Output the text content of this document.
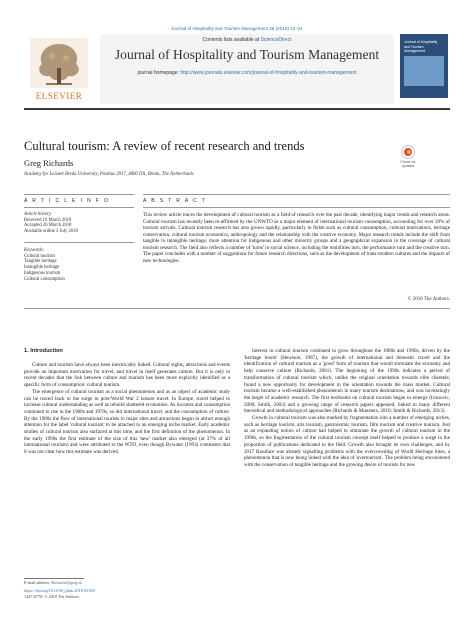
Journal of Hospitality and Tourism Management 36 (2018) 12–21
ELSEVIER
Contents lists available at ScienceDirect
Journal of Hospitality and Tourism Management
journal homepage: http://www.journals.elsevier.com/journal-of-hospitality-and-tourism-management
Journal of Hospitality and Tourism Management
Cultural tourism: A review of recent research and trends
Greg Richards
Academy for Leisure Breda University, Postbus 3917, 4800 DX, Breda, The Netherlands
Check for updates
A R T I C L E I N F O	A B S T R A C T
Article history:
Received 16 March 2018
Accepted 26 March 2018
Available online 3 July 2018
Keywords:
Cultural tourism
Tangible heritage
Intangible heritage
Indigenous tourism
Cultural consumption
This review article traces the development of cultural tourism as a field of research over the past decade, identifying major trends and research areas. Cultural tourism has recently been re-affirmed by the UNWTO as a major element of international tourism consumption, accounting for over 39% of tourism arrivals. Cultural tourism research has also grown rapidly, particularly in fields such as cultural consumption, cultural motivations, heritage conservation, cultural tourism economics, anthropology and the relationship with the creative economy. Major research trends include the shift from tangible to intangible heritage, more attention for indigenous and other minority groups and a geographical expansion in the coverage of cultural tourism research. The field also reflects a number of 'turns' in social science, including the mobilities turn, the performance turn and the creative turn. The paper concludes with a number of suggestions for future research directions, such as the development of trans-modern cultures and the impacts of new technologies.
© 2018 The Authors.
1. Introduction

Culture and tourism have always been inextricably linked. Cultural sights, attractions and events provide an important motivation for travel, and travel in itself generates culture. But it is only in recent decades that the link between culture and tourism has been more explicitly identified as a specific form of consumption: cultural tourism.

The emergence of cultural tourism as a social phenomenon and as an object of academic study can be traced back to the surge in post-World War 2 leisure travel. In Europe, travel helped to increase cultural understanding as well as rebuild shattered economies. As incomes and consumption continued to rise in the 1960s and 1970s, so did international travel, and the consumption of culture. By the 1980s the flow of international tourists to major sites and attractions began to attract enough attention for the label 'cultural tourism' to be attached to an emerging niche market. Early academic studies of cultural tourism also surfaced at this time, and the first definition of the phenomenon. In the early 1990s the first estimate of the size of this 'new' market also emerged (at 37% of all international tourism) and were attributed to the WTO, even though Bywater (1993) comments that it was not clear how this estimate was derived.

Interest in cultural tourism continued to grow throughout the 1980s and 1990s, driven by the 'heritage boom' (Hewison, 1987), the growth of international and domestic travel and the identification of cultural tourism as a 'good' form of tourism that would stimulate the economy and help conserve culture (Richards, 2001). The beginning of the 1990s indicates a period of transformation of cultural tourism which, unlike the original orientation towards elite clientele, found a new opportunity for development in the orientation towards the mass market. Cultural tourism became a well-established phenomenon in many tourism destinations, and was increasingly the target of academic research. The first textbooks on cultural tourism began to emerge (Ivanovic, 2008; Smith, 2003) and a growing range of research papers appeared, linked to many different theoretical and methodological approaches (Richards & Munsters, 2010; Smith & Richards, 2013).

Growth in cultural tourism was also marked by fragmentation into a number of emerging niches, such as heritage tourism, arts tourism, gastronomic tourism, film tourism and creative tourism. Just as an expanding notion of culture had helped to stimulate the growth of cultural tourism in the 1990s, so the fragmentation of the cultural tourism concept itself helped to produce a surge in the proportion of publications dedicated to the field. Growth also brought its own challenges, and by 2017 Boniface was already signalling problems with the overcrowding of World Heritage Sites, a phenomenon that is now being linked with the idea of 'overtourism'. The problem being encountered with the conservation of tangible heritage and the growing desire of tourists for new

E-mail address: Richards@greg.nl
https://doi.org/10.1016/j.jhtm.2018.03.005
1447-6770/ © 2018 The Authors.
